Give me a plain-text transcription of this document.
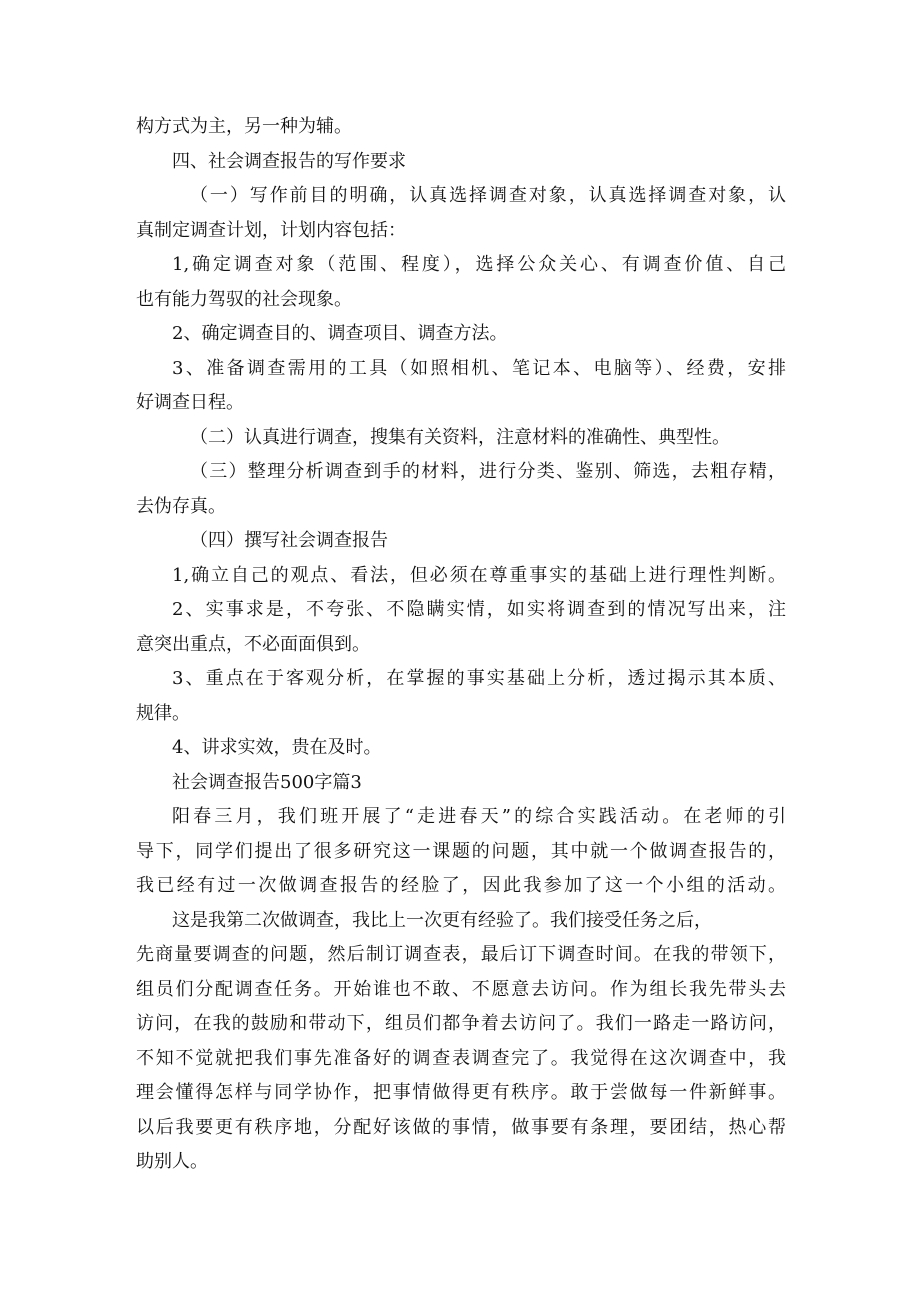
构方式为主，另一种为辅。
四、社会调查报告的写作要求
（一）写作前目的明确，认真选择调查对象，认真选择调查对象，认
真制定调查计划，计划内容包括：
1,确定调查对象（范围、程度），选择公众关心、有调查价值、自己
也有能力驾驭的社会现象。
2、确定调查目的、调查项目、调查方法。
3、准备调查需用的工具（如照相机、笔记本、电脑等）、经费，安排
好调查日程。
（二）认真进行调查，搜集有关资料，注意材料的准确性、典型性。
（三）整理分析调查到手的材料，进行分类、鉴别、筛选，去粗存精，
去伪存真。
（四）撰写社会调查报告
1,确立自己的观点、看法，但必须在尊重事实的基础上进行理性判断。
2、实事求是，不夸张、不隐瞒实情，如实将调查到的情况写出来，注
意突出重点，不必面面俱到。
3、重点在于客观分析，在掌握的事实基础上分析，透过揭示其本质、
规律。
4、讲求实效，贵在及时。
社会调查报告500字篇3
阳春三月，我们班开展了“走进春天”的综合实践活动。在老师的引
导下，同学们提出了很多研究这一课题的问题，其中就一个做调查报告的，
我已经有过一次做调查报告的经脸了，因此我参加了这一个小组的活动。
这是我第二次做调查，我比上一次更有经验了。我们接受任务之后，
先商量要调查的问题，然后制订调查表，最后订下调查时间。在我的带领下，
组员们分配调查任务。开始谁也不敢、不愿意去访问。作为组长我先带头去
访问，在我的鼓励和带动下，组员们都争着去访问了。我们一路走一路访问，
不知不觉就把我们事先准备好的调查表调查完了。我觉得在这次调查中，我
理会懂得怎样与同学协作，把事情做得更有秩序。敢于尝做每一件新鲜事。
以后我要更有秩序地，分配好该做的事情，做事要有条理，要团结，热心帮
助别人。
